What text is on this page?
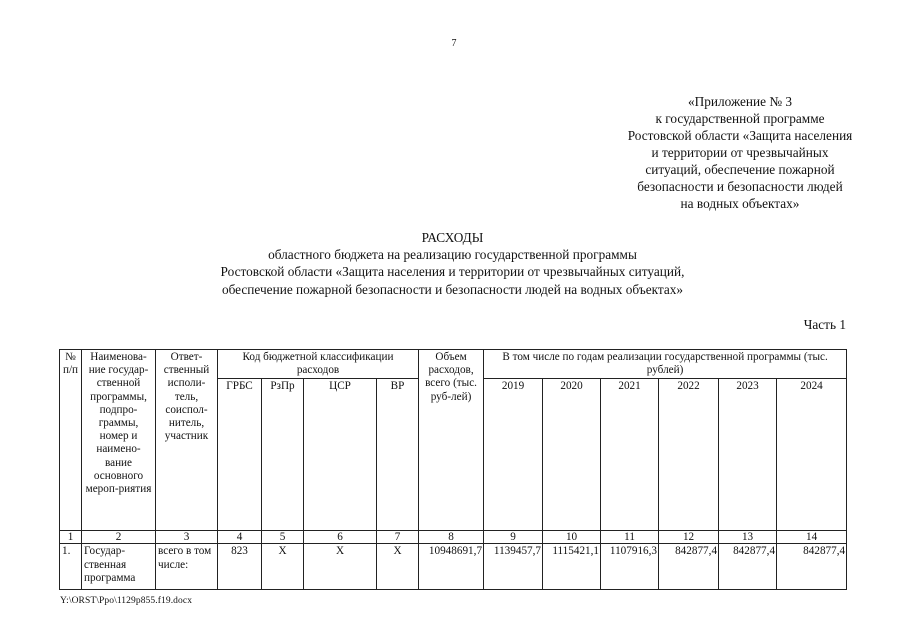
7
«Приложение № 3
к государственной программе
Ростовской области «Защита населения
и территории от чрезвычайных
ситуаций, обеспечение пожарной
безопасности и безопасности людей
на водных объектах»
РАСХОДЫ
областного бюджета на реализацию государственной программы
Ростовской области «Защита населения и территории от чрезвычайных ситуаций,
обеспечение пожарной безопасности и безопасности людей на водных объектах»
Часть 1
№ п/п	Наименова-ние государ-ственной программы, подпро-граммы, номер и наимено-вание основного мероп-риятия	Ответ-ственный исполи-тель, соиспол-нитель, участник	Код бюджетной классификации расходов				Объем расходов, всего (тыс. руб-лей)	В том числе по годам реализации государственной программы (тыс. рублей)					
			ГРБС	РзПр	ЦСР	ВР		2019	2020	2021	2022	2023	2024
1	2	3	4	5	6	7	8	9	10	11	12	13	14
1.	Государ-ственная программа	всего в том числе:	823	Х	Х	Х	10948691,7	1139457,7	1115421,1	1107916,3	842877,4	842877,4	842877,4
Y:\ORST\Ppo\1129p855.f19.docx
